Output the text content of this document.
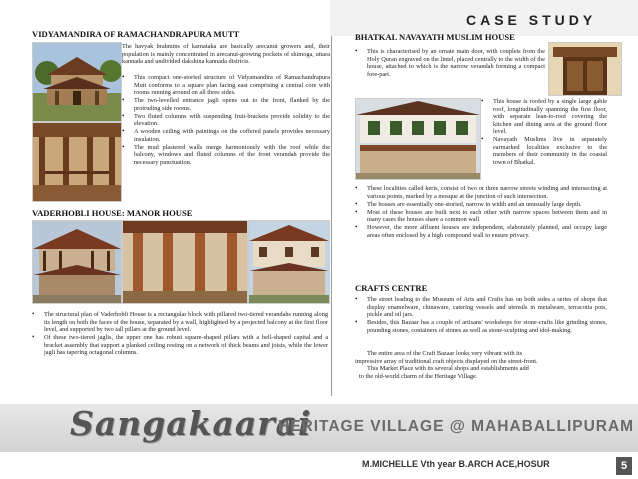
CASE STUDY
VIDYAMANDIRA OF RAMACHANDRAPURA MUTT
The havyak brahmins of karnataka are basically arecanut growers and, their population is mainly concentrated in arecanut-growing pockets of shimoga, uttara kannada and undivided dakshina kannada districts.
• This compact one-storied structure of Vidyamandira of Ramachandrapura Mutt conforms to a square plan facing east comprising a central core with rooms running around on all three sides.
• The two-levelled entrance jagli opens out to the front, flanked by the protruding side rooms.
• Two fluted columns with suspending fruit-brackets provide solidity to the elevation.
• A wooden ceiling with paintings on the coffered panels provides necessary insulation.
• The mud plastered walls merge harmoniously with the roof while the balcony, windows and fluted columns of the front verandah provide the necessary punctuation.
VADERHOBLI HOUSE: MANOR HOUSE
• The structural plan of Vaderhobli House is a rectangular block with pillared two-tiered verandahs running along its length on both the faces of the house, separated by a wall, highlighted by a projected balcony at the first floor level, and supported by two tall pillars at the ground level.
• Of these two-tiered jaglis, the upper one has robust square-shaped pillars with a bell-shaped capital and a bracket assembly that support a planked ceiling resting on a network of thick beams and joists, while the lower jagli has tapering octagonal columns.
BHATKAL NAVAYATH MUSLIM HOUSE
• This is characterised by an ornate main door, with couplets from the Holy Quran engraved on the lintel, placed centrally to the width of the house, attached to which is the narrow verandah forming a compact fore-part.
• This house is roofed by a single large gable roof, longitudinally spanning the first floor, with separate lean-to-roof covering the kitchen and dining area at the ground floor level.
• Navayath Muslims live in separately earmarked localities exclusive to the members of their community in the coastal town of Bhatkal.
• These localities called keris, consist of two or three narrow streets winding and intersecting at various points, marked by a mosque at the junction of such intersection.
• The houses are essentially one-storied, narrow in width and an unusually large depth.
• Most of these houses are built next to each other with narrow spaces between them and in many cases the houses share a common wall
• However, the more affluent houses are independent, elaborately planned, and occupy large areas often enclosed by a high compound wall to ensure privacy.
CRAFTS CENTRE
• The street leading to the Museum of Arts and Crafts has on both sides a series of shops that display enamelware, chinaware, catering vessels and utensils in metalware, terracotta pots, pickle and oil jars.
• Besides, this Bazaar has a couple of artisans' workshops for stone-crafts like grinding stones, pounding stones, containers of stones as well as stone-sculpting and idol-making.
The entire area of the Craft Bazaar looks very vibrant with its
impressive array of traditional craft objects displayed on the street-front.
This Market Place with its several shops and establishments add
to the old-world charm of the Heritage Village.
Sangakaarai
HERITAGE VILLAGE @ MAHABALLIPURAM
M.MICHELLE Vth year B.ARCH ACE,HOSUR	5
